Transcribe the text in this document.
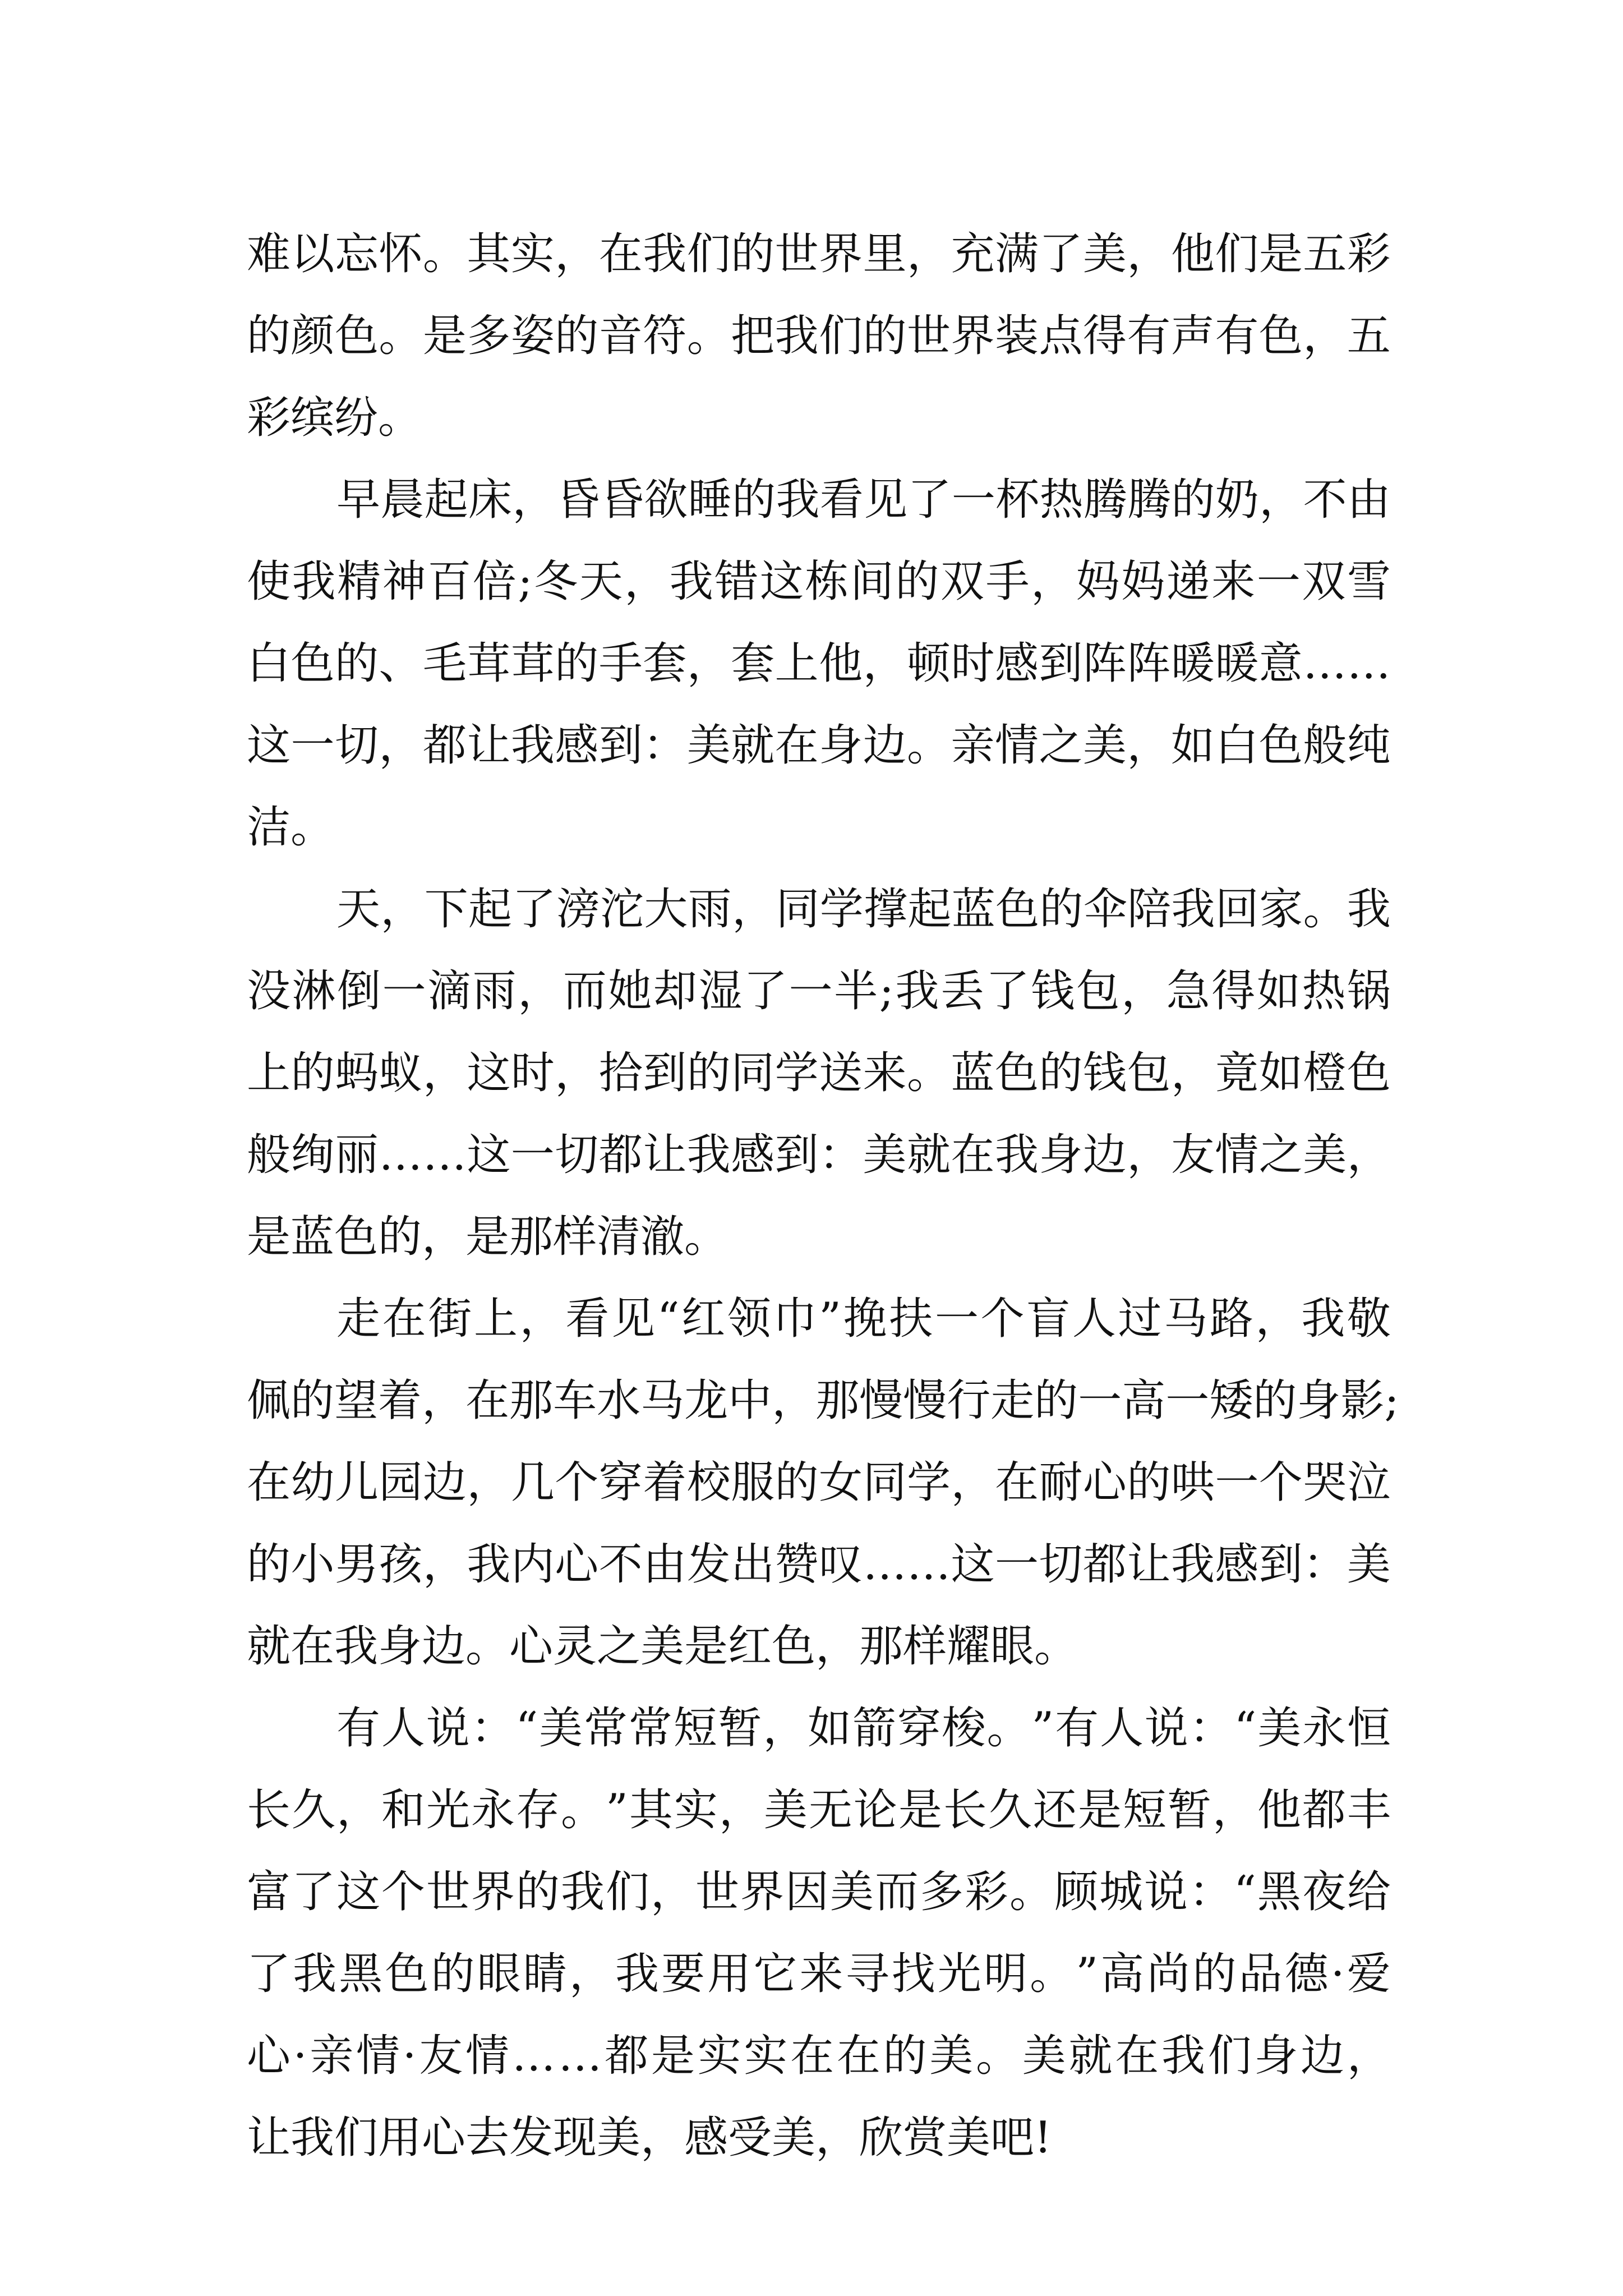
难 以 忘 怀 。 其 实 ， 在 我 们 的 世 界 里 ， 充 满 了 美 ， 他 们 是 五 彩
的 颜 色 。 是 多 姿 的 音 符 。 把 我 们 的 世 界 装 点 得 有 声 有 色 ， 五
彩缤纷。
早 晨 起 床 ， 昏 昏 欲 睡 的 我 看 见 了 一 杯 热 腾 腾 的 奶 ， 不 由
使 我 精 神 百 倍 ; 冬 天 ， 我 错 这 栋 间 的 双 手 ， 妈 妈 递 来 一 双 雪
白 色 的 、 毛 茸 茸 的 手 套 ， 套 上 他 ， 顿 时 感 到 阵 阵 暖 暖 意 … …
这 一 切 ， 都 让 我 感 到 ： 美 就 在 身 边 。 亲 情 之 美 ， 如 白 色 般 纯
洁。
天 ， 下 起 了 滂 沱 大 雨 ， 同 学 撑 起 蓝 色 的 伞 陪 我 回 家 。 我
没 淋 倒 一 滴 雨 ， 而 她 却 湿 了 一 半 ; 我 丢 了 钱 包 ， 急 得 如 热 锅
上 的 蚂 蚁 ， 这 时 ， 拾 到 的 同 学 送 来 。 蓝 色 的 钱 包 ， 竟 如 橙 色
般 绚 丽 … … 这 一 切 都 让 我 感 到 ： 美 就 在 我 身 边 ， 友 情 之 美 ，
是蓝色的，是那样清澈。
走 在 街 上 ， 看 见 “ 红 领 巾 ” 挽 扶 一 个 盲 人 过 马 路 ， 我 敬
佩 的 望 着 ， 在 那 车 水 马 龙 中 ， 那 慢 慢 行 走 的 一 高 一 矮 的 身 影 ;
在 幼 儿 园 边 ， 几 个 穿 着 校 服 的 女 同 学 ， 在 耐 心 的 哄 一 个 哭 泣
的 小 男 孩 ， 我 内 心 不 由 发 出 赞 叹 … … 这 一 切 都 让 我 感 到 ： 美
就在我身边。心灵之美是红色，那样耀眼。
有 人 说 ： “ 美 常 常 短 暂 ， 如 箭 穿 梭 。 ” 有 人 说 ： “ 美 永 恒
长 久 ， 和 光 永 存 。 ” 其 实 ， 美 无 论 是 长 久 还 是 短 暂 ， 他 都 丰
富 了 这 个 世 界 的 我 们 ， 世 界 因 美 而 多 彩 。 顾 城 说 ： “ 黑 夜 给
了 我 黑 色 的 眼 睛 ， 我 要 用 它 来 寻 找 光 明 。 ” 高 尚 的 品 德 · 爱
心 · 亲 情 · 友 情 … … 都 是 实 实 在 在 的 美 。 美 就 在 我 们 身 边 ，
让我们用心去发现美，感受美，欣赏美吧!
